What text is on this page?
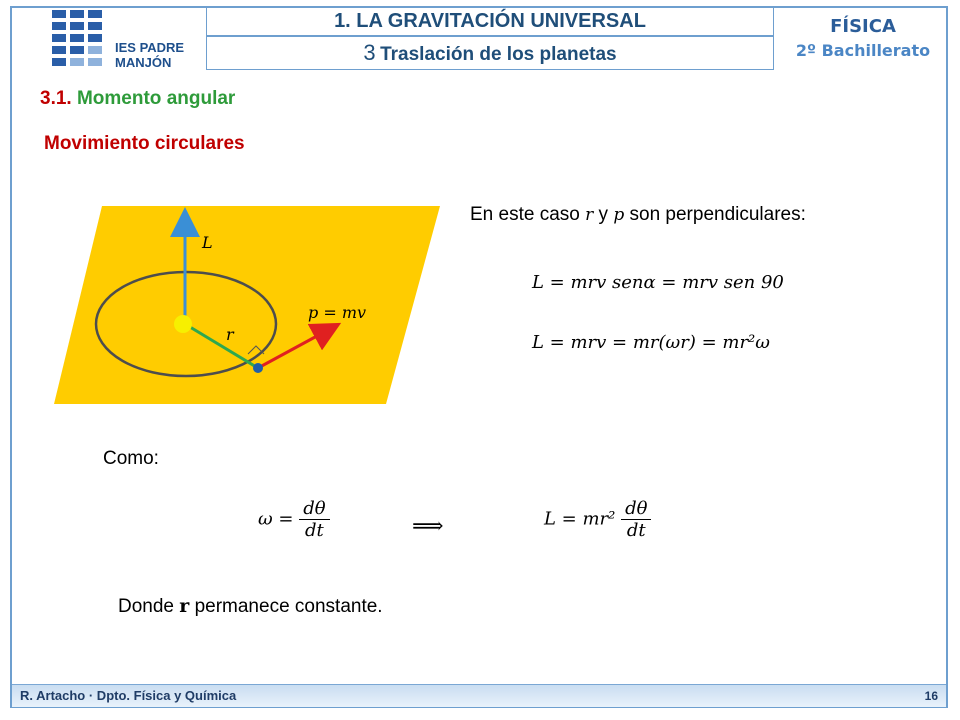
IES PADRE
MANJÓN
1. LA GRAVITACIÓN UNIVERSAL
3 Traslación de los planetas
FÍSICA
2º Bachillerato
3.1. Momento angular
Movimiento circulares
L
r
p = mv
En este caso r y p son perpendiculares:
L = mrv senα = mrv sen 90
L = mrv = mr(ωr) = mr²ω
Como:
$\omega = \frac{d\theta}{dt}$	⟹	$L = mr^2 \frac{d\theta}{dt}$
Donde r permanece constante.
R. Artacho · Dpto. Física y Química	16
